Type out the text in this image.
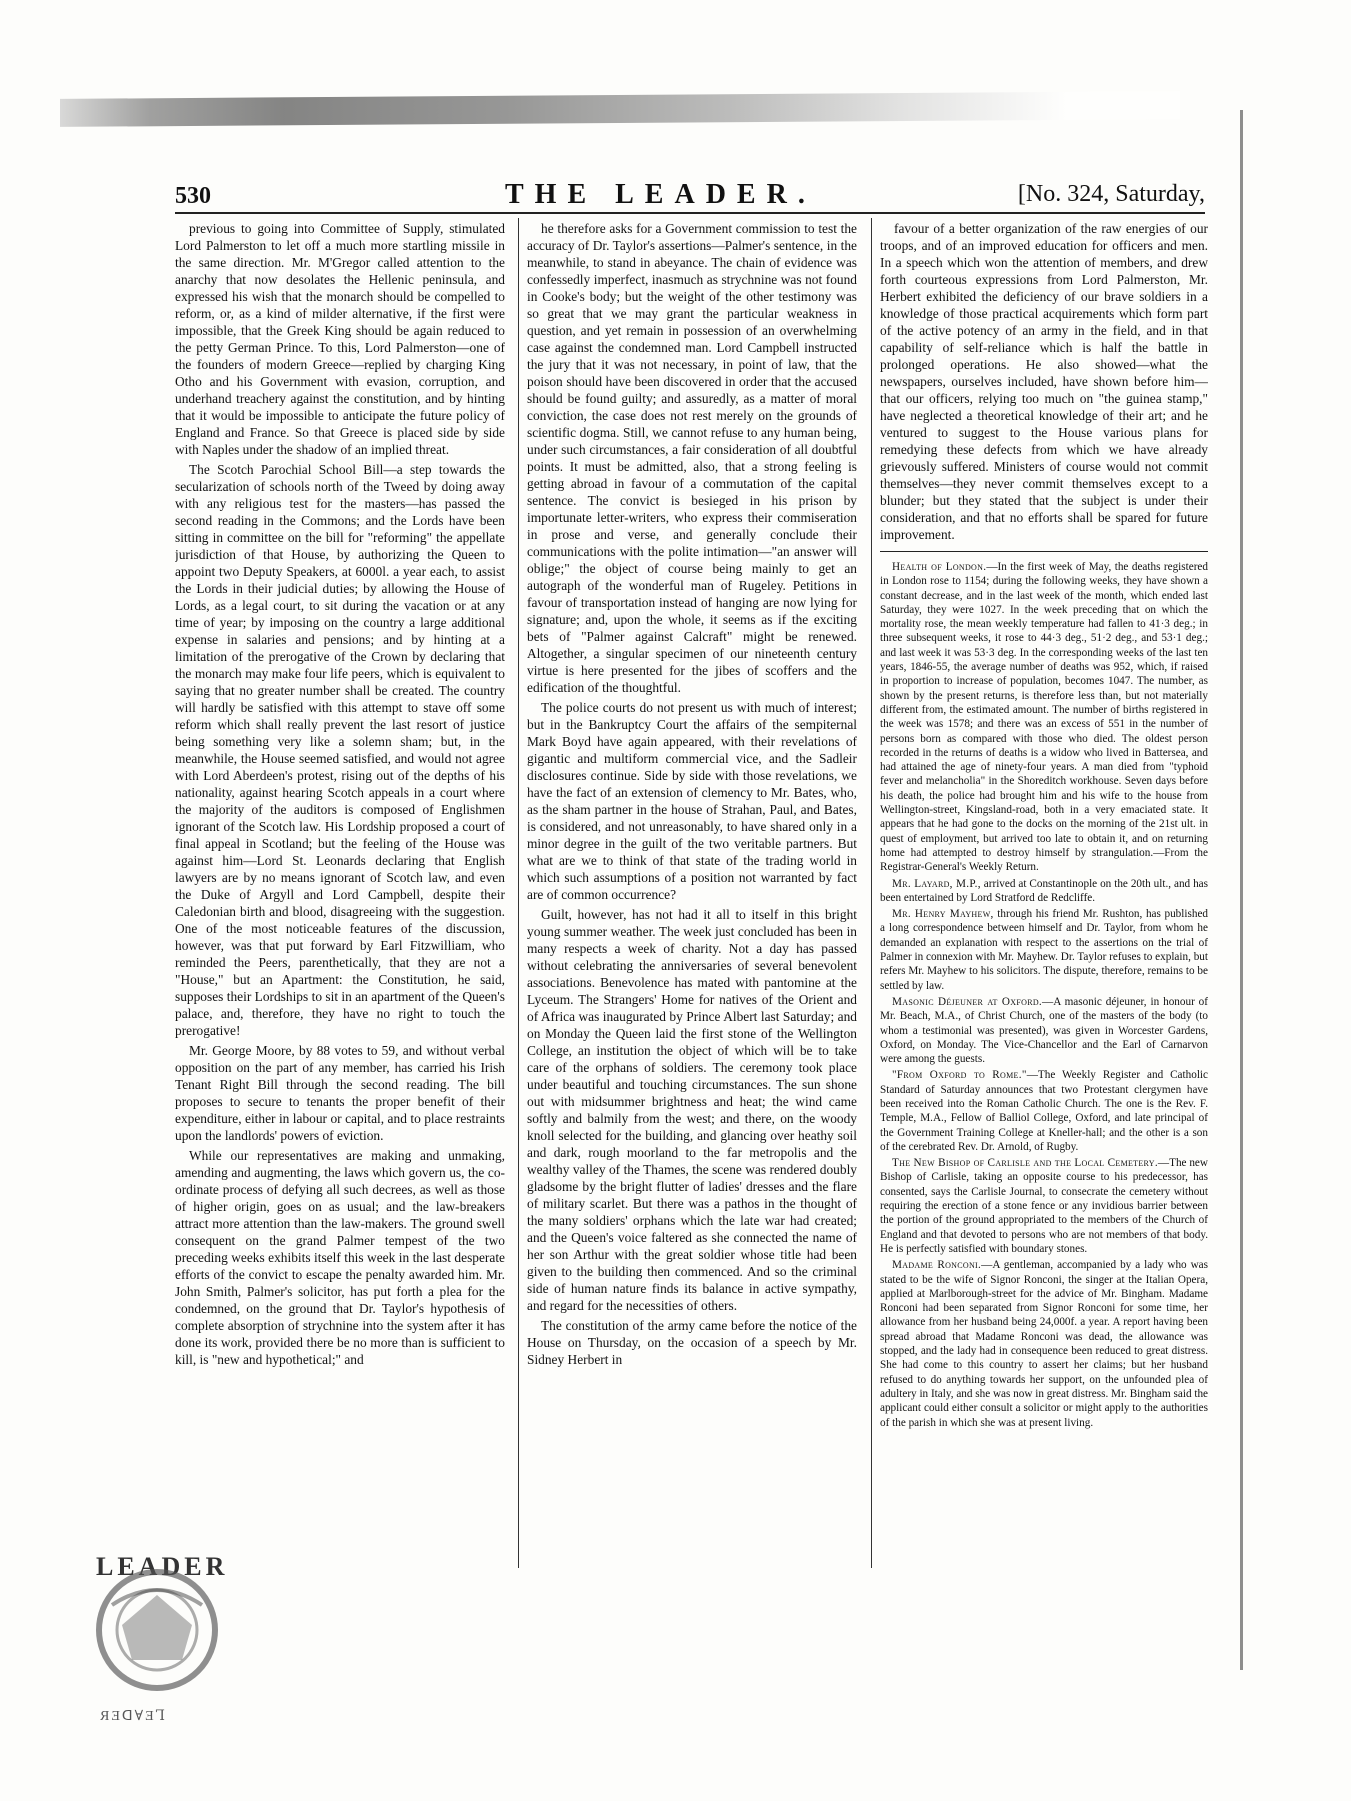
530	THE LEADER.	[No. 324, Saturday,

previous to going into Committee of Supply, stimulated Lord Palmerston to let off a much more startling missile in the same direction. Mr. M'Gregor called attention to the anarchy that now desolates the Hellenic peninsula, and expressed his wish that the monarch should be compelled to reform, or, as a kind of milder alternative, if the first were impossible, that the Greek King should be again reduced to the petty German Prince. To this, Lord Palmerston—one of the founders of modern Greece—replied by charging King Otho and his Government with evasion, corruption, and underhand treachery against the constitution, and by hinting that it would be impossible to anticipate the future policy of England and France. So that Greece is placed side by side with Naples under the shadow of an implied threat.

The Scotch Parochial School Bill—a step towards the secularization of schools north of the Tweed by doing away with any religious test for the masters—has passed the second reading in the Commons; and the Lords have been sitting in committee on the bill for "reforming" the appellate jurisdiction of that House, by authorizing the Queen to appoint two Deputy Speakers, at 6000l. a year each, to assist the Lords in their judicial duties; by allowing the House of Lords, as a legal court, to sit during the vacation or at any time of year; by imposing on the country a large additional expense in salaries and pensions; and by hinting at a limitation of the prerogative of the Crown by declaring that the monarch may make four life peers, which is equivalent to saying that no greater number shall be created. The country will hardly be satisfied with this attempt to stave off some reform which shall really prevent the last resort of justice being something very like a solemn sham; but, in the meanwhile, the House seemed satisfied, and would not agree with Lord Aberdeen's protest, rising out of the depths of his nationality, against hearing Scotch appeals in a court where the majority of the auditors is composed of Englishmen ignorant of the Scotch law. His Lordship proposed a court of final appeal in Scotland; but the feeling of the House was against him—Lord St. Leonards declaring that English lawyers are by no means ignorant of Scotch law, and even the Duke of Argyll and Lord Campbell, despite their Caledonian birth and blood, disagreeing with the suggestion. One of the most noticeable features of the discussion, however, was that put forward by Earl Fitzwilliam, who reminded the Peers, parenthetically, that they are not a "House," but an Apartment: the Constitution, he said, supposes their Lordships to sit in an apartment of the Queen's palace, and, therefore, they have no right to touch the prerogative!

Mr. George Moore, by 88 votes to 59, and without verbal opposition on the part of any member, has carried his Irish Tenant Right Bill through the second reading. The bill proposes to secure to tenants the proper benefit of their expenditure, either in labour or capital, and to place restraints upon the landlords' powers of eviction.

While our representatives are making and unmaking, amending and augmenting, the laws which govern us, the co-ordinate process of defying all such decrees, as well as those of higher origin, goes on as usual; and the law-breakers attract more attention than the law-makers. The ground swell consequent on the grand Palmer tempest of the two preceding weeks exhibits itself this week in the last desperate efforts of the convict to escape the penalty awarded him. Mr. John Smith, Palmer's solicitor, has put forth a plea for the condemned, on the ground that Dr. Taylor's hypothesis of complete absorption of strychnine into the system after it has done its work, provided there be no more than is sufficient to kill, is "new and hypothetical;" and

he therefore asks for a Government commission to test the accuracy of Dr. Taylor's assertions—Palmer's sentence, in the meanwhile, to stand in abeyance. The chain of evidence was confessedly imperfect, inasmuch as strychnine was not found in Cooke's body; but the weight of the other testimony was so great that we may grant the particular weakness in question, and yet remain in possession of an overwhelming case against the condemned man. Lord Campbell instructed the jury that it was not necessary, in point of law, that the poison should have been discovered in order that the accused should be found guilty; and assuredly, as a matter of moral conviction, the case does not rest merely on the grounds of scientific dogma. Still, we cannot refuse to any human being, under such circumstances, a fair consideration of all doubtful points. It must be admitted, also, that a strong feeling is getting abroad in favour of a commutation of the capital sentence. The convict is besieged in his prison by importunate letter-writers, who express their commiseration in prose and verse, and generally conclude their communications with the polite intimation—"an answer will oblige;" the object of course being mainly to get an autograph of the wonderful man of Rugeley. Petitions in favour of transportation instead of hanging are now lying for signature; and, upon the whole, it seems as if the exciting bets of "Palmer against Calcraft" might be renewed. Altogether, a singular specimen of our nineteenth century virtue is here presented for the jibes of scoffers and the edification of the thoughtful.

The police courts do not present us with much of interest; but in the Bankruptcy Court the affairs of the sempiternal Mark Boyd have again appeared, with their revelations of gigantic and multiform commercial vice, and the Sadleir disclosures continue. Side by side with those revelations, we have the fact of an extension of clemency to Mr. Bates, who, as the sham partner in the house of Strahan, Paul, and Bates, is considered, and not unreasonably, to have shared only in a minor degree in the guilt of the two veritable partners. But what are we to think of that state of the trading world in which such assumptions of a position not warranted by fact are of common occurrence?

Guilt, however, has not had it all to itself in this bright young summer weather. The week just concluded has been in many respects a week of charity. Not a day has passed without celebrating the anniversaries of several benevolent associations. Benevolence has mated with pantomine at the Lyceum. The Strangers' Home for natives of the Orient and of Africa was inaugurated by Prince Albert last Saturday; and on Monday the Queen laid the first stone of the Wellington College, an institution the object of which will be to take care of the orphans of soldiers. The ceremony took place under beautiful and touching circumstances. The sun shone out with midsummer brightness and heat; the wind came softly and balmily from the west; and there, on the woody knoll selected for the building, and glancing over heathy soil and dark, rough moorland to the far metropolis and the wealthy valley of the Thames, the scene was rendered doubly gladsome by the bright flutter of ladies' dresses and the flare of military scarlet. But there was a pathos in the thought of the many soldiers' orphans which the late war had created; and the Queen's voice faltered as she connected the name of her son Arthur with the great soldier whose title had been given to the building then commenced. And so the criminal side of human nature finds its balance in active sympathy, and regard for the necessities of others.

The constitution of the army came before the notice of the House on Thursday, on the occasion of a speech by Mr. Sidney Herbert in

favour of a better organization of the raw energies of our troops, and of an improved education for officers and men. In a speech which won the attention of members, and drew forth courteous expressions from Lord Palmerston, Mr. Herbert exhibited the deficiency of our brave soldiers in a knowledge of those practical acquirements which form part of the active potency of an army in the field, and in that capability of self-reliance which is half the battle in prolonged operations. He also showed—what the newspapers, ourselves included, have shown before him—that our officers, relying too much on "the guinea stamp," have neglected a theoretical knowledge of their art; and he ventured to suggest to the House various plans for remedying these defects from which we have already grievously suffered. Ministers of course would not commit themselves—they never commit themselves except to a blunder; but they stated that the subject is under their consideration, and that no efforts shall be spared for future improvement.

Health of London.—In the first week of May, the deaths registered in London rose to 1154; during the following weeks, they have shown a constant decrease, and in the last week of the month, which ended last Saturday, they were 1027. In the week preceding that on which the mortality rose, the mean weekly temperature had fallen to 41·3 deg.; in three subsequent weeks, it rose to 44·3 deg., 51·2 deg., and 53·1 deg.; and last week it was 53·3 deg. In the corresponding weeks of the last ten years, 1846-55, the average number of deaths was 952, which, if raised in proportion to increase of population, becomes 1047. The number, as shown by the present returns, is therefore less than, but not materially different from, the estimated amount. The number of births registered in the week was 1578; and there was an excess of 551 in the number of persons born as compared with those who died. The oldest person recorded in the returns of deaths is a widow who lived in Battersea, and had attained the age of ninety-four years. A man died from "typhoid fever and melancholia" in the Shoreditch workhouse. Seven days before his death, the police had brought him and his wife to the house from Wellington-street, Kingsland-road, both in a very emaciated state. It appears that he had gone to the docks on the morning of the 21st ult. in quest of employment, but arrived too late to obtain it, and on returning home had attempted to destroy himself by strangulation.—From the Registrar-General's Weekly Return.

Mr. Layard, M.P., arrived at Constantinople on the 20th ult., and has been entertained by Lord Stratford de Redcliffe.

Mr. Henry Mayhew, through his friend Mr. Rushton, has published a long correspondence between himself and Dr. Taylor, from whom he demanded an explanation with respect to the assertions on the trial of Palmer in connexion with Mr. Mayhew. Dr. Taylor refuses to explain, but refers Mr. Mayhew to his solicitors. The dispute, therefore, remains to be settled by law.

Masonic Déjeuner at Oxford.—A masonic déjeuner, in honour of Mr. Beach, M.A., of Christ Church, one of the masters of the body (to whom a testimonial was presented), was given in Worcester Gardens, Oxford, on Monday. The Vice-Chancellor and the Earl of Carnarvon were among the guests.

"From Oxford to Rome."—The Weekly Register and Catholic Standard of Saturday announces that two Protestant clergymen have been received into the Roman Catholic Church. The one is the Rev. F. Temple, M.A., Fellow of Balliol College, Oxford, and late principal of the Government Training College at Kneller-hall; and the other is a son of the cerebrated Rev. Dr. Arnold, of Rugby.

The New Bishop of Carlisle and the Local Cemetery.—The new Bishop of Carlisle, taking an opposite course to his predecessor, has consented, says the Carlisle Journal, to consecrate the cemetery without requiring the erection of a stone fence or any invidious barrier between the portion of the ground appropriated to the members of the Church of England and that devoted to persons who are not members of that body. He is perfectly satisfied with boundary stones.

Madame Ronconi.—A gentleman, accompanied by a lady who was stated to be the wife of Signor Ronconi, the singer at the Italian Opera, applied at Marlborough-street for the advice of Mr. Bingham. Madame Ronconi had been separated from Signor Ronconi for some time, her allowance from her husband being 24,000f. a year. A report having been spread abroad that Madame Ronconi was dead, the allowance was stopped, and the lady had in consequence been reduced to great distress. She had come to this country to assert her claims; but her husband refused to do anything towards her support, on the unfounded plea of adultery in Italy, and she was now in great distress. Mr. Bingham said the applicant could either consult a solicitor or might apply to the authorities of the parish in which she was at present living.

LEADER
ЯƎᗡ∀ƎꞀ
